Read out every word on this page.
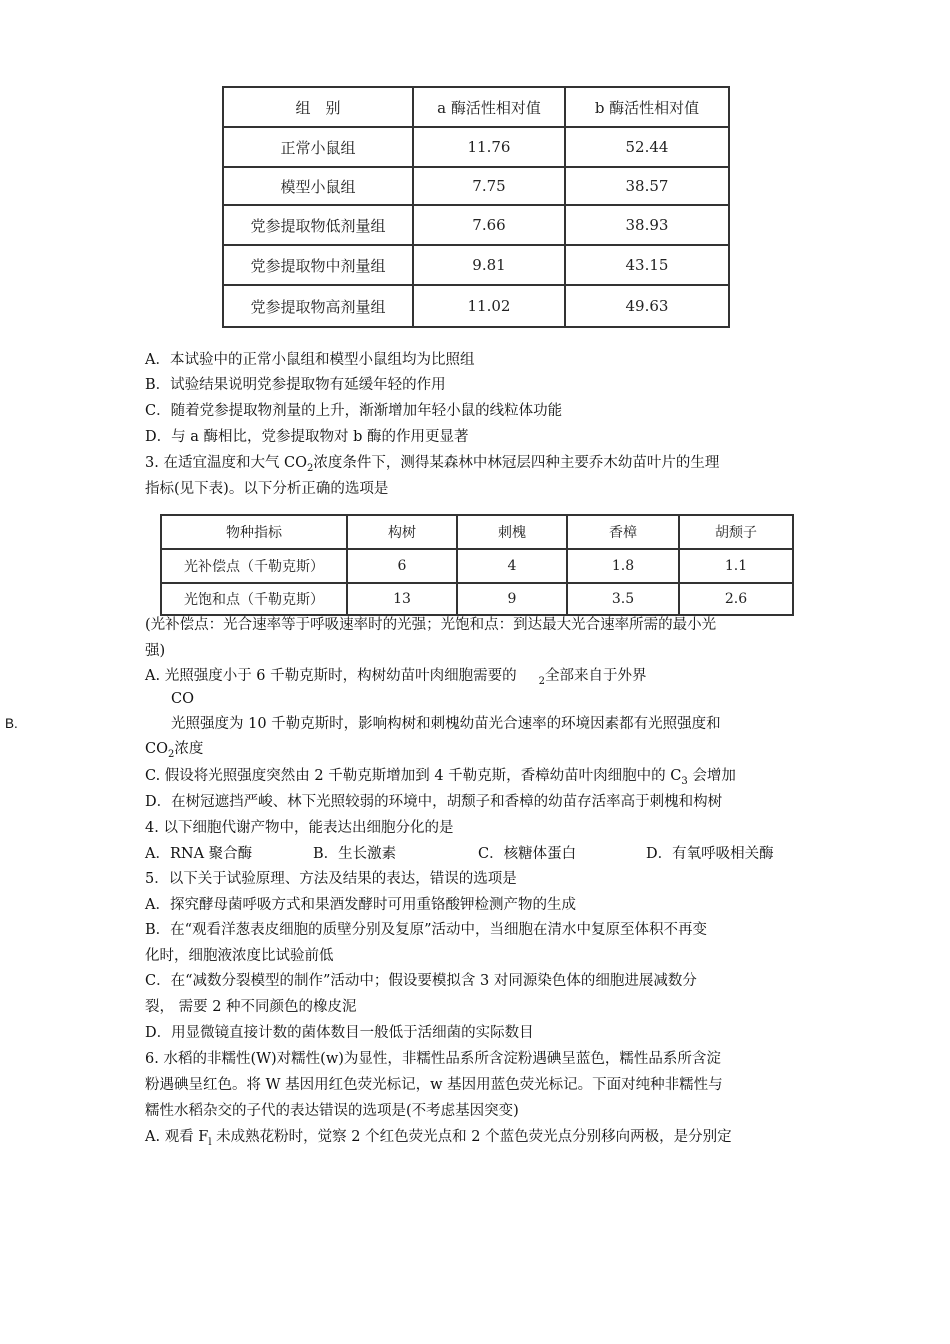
组　别	a 酶活性相对值	b 酶活性相对值
正常小鼠组	11.76	52.44
模型小鼠组	7.75	38.57
党参提取物低剂量组	7.66	38.93
党参提取物中剂量组	9.81	43.15
党参提取物高剂量组	11.02	49.63
A．本试验中的正常小鼠组和模型小鼠组均为比照组
B．试验结果说明党参提取物有延缓年轻的作用
C．随着党参提取物剂量的上升，渐渐增加年轻小鼠的线粒体功能
D．与 a 酶相比，党参提取物对 b 酶的作用更显著
3. 在适宜温度和大气 $CO_2$浓度条件下，测得某森林中林冠层四种主要乔木幼苗叶片的生理
指标(见下表)。以下分析正确的选项是
物种指标	构树	刺槐	香樟	胡颓子
光补偿点（千勒克斯）	6	4	1.8	1.1
光饱和点（千勒克斯）	13	9	3.5	2.6
(光补偿点：光合速率等于呼吸速率时的光强；光饱和点：到达最大光合速率所需的最小光
强)
A. 光照强度小于 6 千勒克斯时，构树幼苗叶肉细胞需要的 $_2$全部来自于外界
CO
B.	光照强度为 10 千勒克斯时，影响构树和刺槐幼苗光合速率的环境因素都有光照强度和
$CO_2$浓度
C. 假设将光照强度突然由 2 千勒克斯增加到 4 千勒克斯，香樟幼苗叶肉细胞中的 $C_3$ 会增加
D．在树冠遮挡严峻、林下光照较弱的环境中，胡颓子和香樟的幼苗存活率高于刺槐和构树
4. 以下细胞代谢产物中，能表达出细胞分化的是
A．RNA 聚合酶	B．生长激素	C．核糖体蛋白	D．有氧呼吸相关酶
5．以下关于试验原理、方法及结果的表达，错误的选项是
A．探究酵母菌呼吸方式和果酒发酵时可用重铬酸钾检测产物的生成
B．在“观看洋葱表皮细胞的质壁分别及复原”活动中，当细胞在清水中复原至体积不再变
化时，细胞液浓度比试验前低
C．在“减数分裂模型的制作”活动中；假设要模拟含 3 对同源染色体的细胞进展减数分
裂， 需要 2 种不同颜色的橡皮泥
D．用显微镜直接计数的菌体数目一般低于活细菌的实际数目
6. 水稻的非糯性(W)对糯性(w)为显性，非糯性品系所含淀粉遇碘呈蓝色，糯性品系所含淀
粉遇碘呈红色。将 W 基因用红色荧光标记，w 基因用蓝色荧光标记。下面对纯种非糯性与
糯性水稻杂交的子代的表达错误的选项是(不考虑基因突变)
A. 观看 $F_l$ 未成熟花粉时，觉察 2 个红色荧光点和 2 个蓝色荧光点分别移向两极，是分别定
